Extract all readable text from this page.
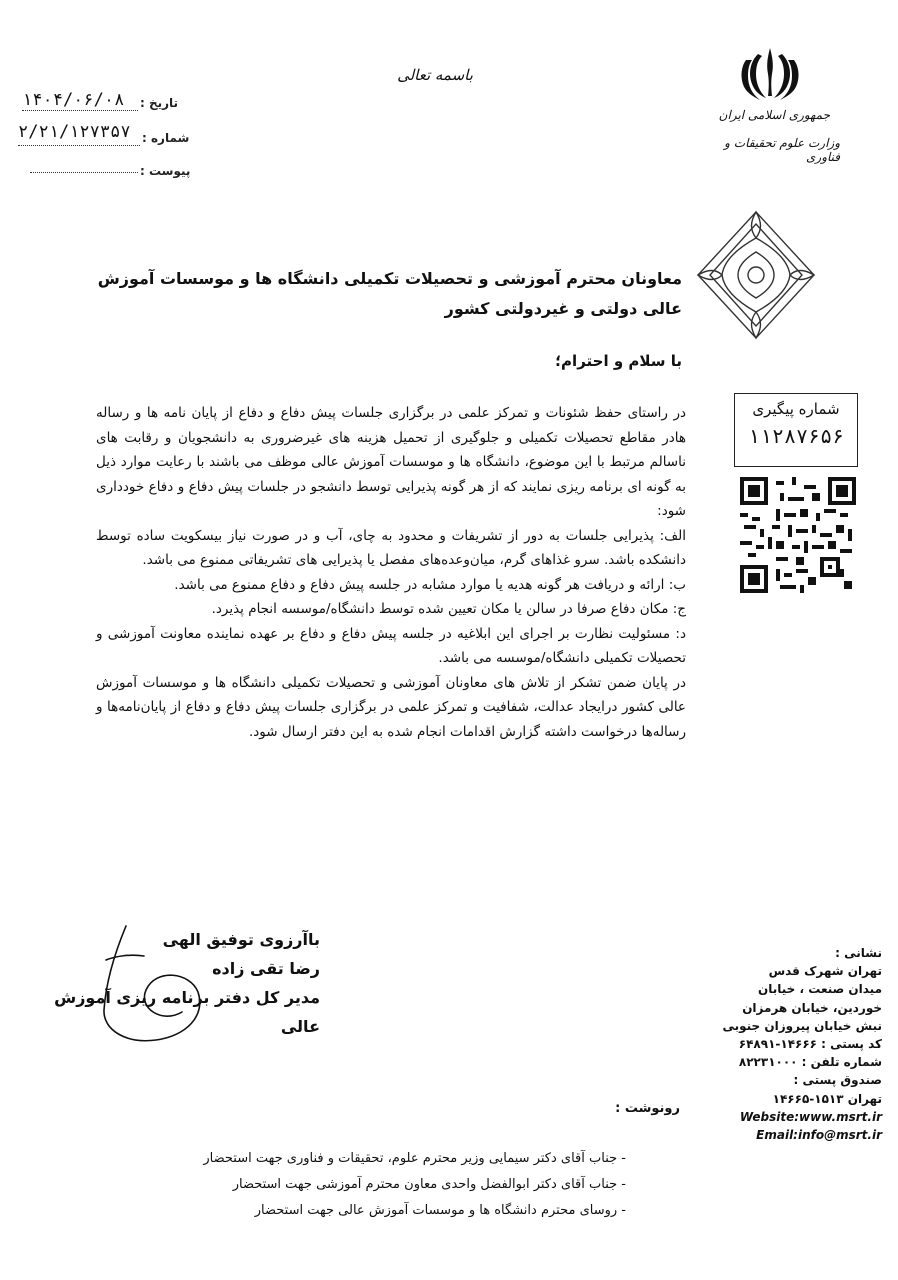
باسمه تعالی
تاریخ :
۱۴۰۴/۰۶/۰۸
شماره :
۲/۲۱/۱۲۷۳۵۷
پیوست :
جمهوری اسلامی ایران
وزارت علوم تحقیقات و فناوری
شماره پیگیری
۱۱۲۸۷۶۵۶
نشانی :
تهران شهرک قدس
میدان صنعت ، خیابان
خوردین، خیابان هرمزان
نبش خیابان پیروزان جنوبی
کد پستی : ۱۴۶۶۶-۶۴۸۹۱
شماره تلفن : ۸۲۲۳۱۰۰۰
صندوق پستی :
تهران ۱۵۱۳-۱۴۶۶۵
Website:www.msrt.ir
Email:info@msrt.ir
معاونان محترم آموزشی و تحصیلات تکمیلی دانشگاه ها و موسسات آموزش عالی دولتی و غیردولتی کشور
با سلام و احترام؛

در راستای حفظ شئونات و تمرکز علمی در برگزاری جلسات پیش دفاع و دفاع از پایان نامه ها و رساله هادر مقاطع تحصیلات تکمیلی و جلوگیری از تحمیل هزینه های غیرضروری به دانشجویان و رقابت های ناسالم مرتبط با این موضوع، دانشگاه ها و موسسات آموزش عالی موظف می باشند با رعایت موارد ذیل به گونه ای برنامه ریزی نمایند که از هر گونه پذیرایی توسط دانشجو در جلسات پیش دفاع و دفاع خودداری شود:

الف: پذیرایی جلسات به دور از تشریفات و محدود به چای، آب و در صورت نیاز بیسکویت ساده توسط دانشکده باشد. سرو غذاهای گرم، میان‌وعده‌های مفصل یا پذیرایی های تشریفاتی ممنوع می باشد.

ب: ارائه و دریافت هر گونه هدیه یا موارد مشابه در جلسه پیش دفاع و دفاع ممنوع می باشد.

ج: مکان دفاع صرفا در سالن یا مکان تعیین شده توسط دانشگاه/موسسه انجام پذیرد.

د: مسئولیت نظارت بر اجرای این ابلاغیه در جلسه پیش دفاع و دفاع بر عهده نماینده معاونت آموزشی و تحصیلات تکمیلی دانشگاه/موسسه می باشد.

در پایان ضمن تشکر از تلاش های معاونان آموزشی و تحصیلات تکمیلی دانشگاه ها و موسسات آموزش عالی کشور درایجاد عدالت، شفافیت و تمرکز علمی در برگزاری جلسات پیش دفاع و دفاع از پایان‌نامه‌ها و رساله‌ها درخواست داشته گزارش اقدامات انجام شده به این دفتر ارسال شود.

باآرزوی توفیق الهی
رضا تقی زاده
مدیر کل دفتر برنامه ریزی آموزش عالی
رونوشت :
- جناب آقای دکتر سیمایی وزیر محترم علوم، تحقیقات و فناوری جهت استحضار
- جناب آقای دکتر ابوالفضل واحدی معاون محترم آموزشی جهت استحضار
- روسای محترم دانشگاه ها و موسسات آموزش عالی جهت استحضار
